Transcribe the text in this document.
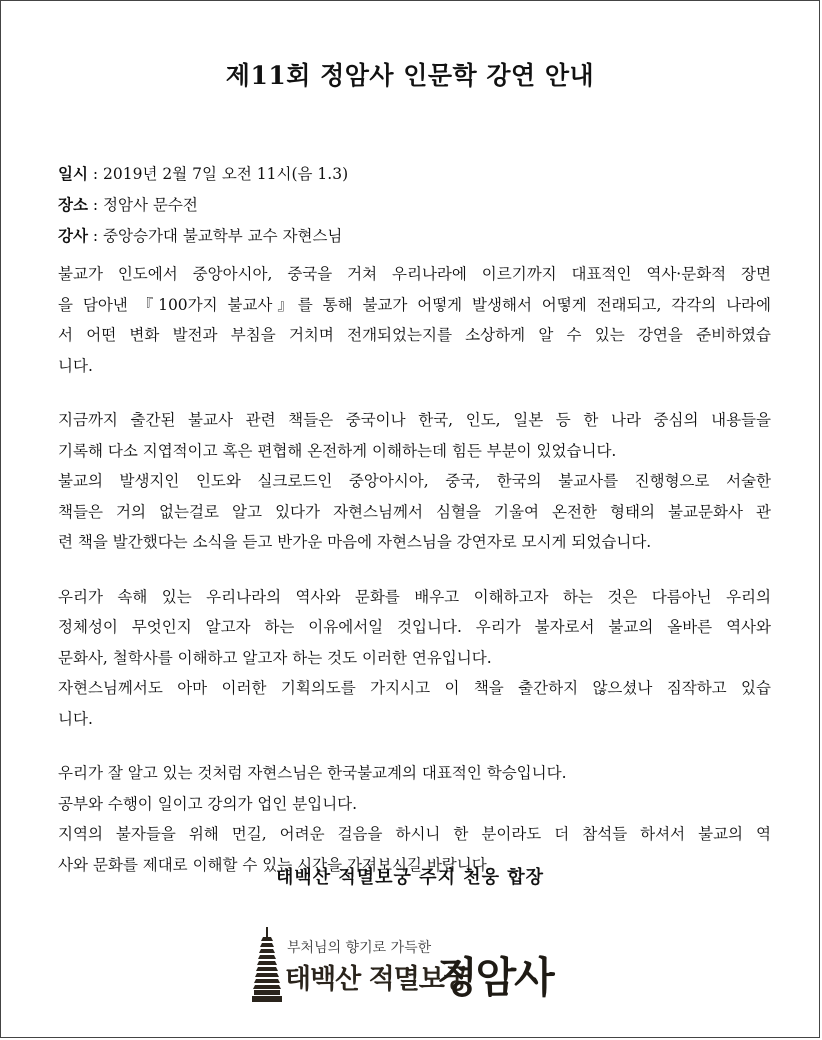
제11회 정암사 인문학 강연 안내
일시 : 2019년 2월 7일 오전 11시(음 1.3)
장소 : 정암사 문수전
강사 : 중앙승가대 불교학부 교수 자현스님
불교가 인도에서 중앙아시아, 중국을 거쳐 우리나라에 이르기까지 대표적인 역사·문화적 장면
을 담아낸 『100가지 불교사』를 통해 불교가 어떻게 발생해서 어떻게 전래되고, 각각의 나라에
서 어떤 변화 발전과 부침을 거치며 전개되었는지를 소상하게 알 수 있는 강연을 준비하였습
니다.
지금까지 출간된 불교사 관련 책들은 중국이나 한국, 인도, 일본 등 한 나라 중심의 내용들을
기록해 다소 지엽적이고 혹은 편협해 온전하게 이해하는데 힘든 부분이 있었습니다.
불교의 발생지인 인도와 실크로드인 중앙아시아, 중국, 한국의 불교사를 진행형으로 서술한
책들은 거의 없는걸로 알고 있다가 자현스님께서 심혈을 기울여 온전한 형태의 불교문화사 관
련 책을 발간했다는 소식을 듣고 반가운 마음에 자현스님을 강연자로 모시게 되었습니다.
우리가 속해 있는 우리나라의 역사와 문화를 배우고 이해하고자 하는 것은 다름아닌 우리의
정체성이 무엇인지 알고자 하는 이유에서일 것입니다. 우리가 불자로서 불교의 올바른 역사와
문화사, 철학사를 이해하고 알고자 하는 것도 이러한 연유입니다.
자현스님께서도 아마 이러한 기획의도를 가지시고 이 책을 출간하지 않으셨나 짐작하고 있습
니다.
우리가 잘 알고 있는 것처럼 자현스님은 한국불교계의 대표적인 학승입니다.
공부와 수행이 일이고 강의가 업인 분입니다.
지역의 불자들을 위해 먼길, 어려운 걸음을 하시니 한 분이라도 더 참석들 하셔서 불교의 역
사와 문화를 제대로 이해할 수 있는 시간을 가져보시길 바랍니다.
태백산 적멸보궁 주지 천웅 합장
부처님의 향기로 가득한
태백산 적멸보궁
정암사
